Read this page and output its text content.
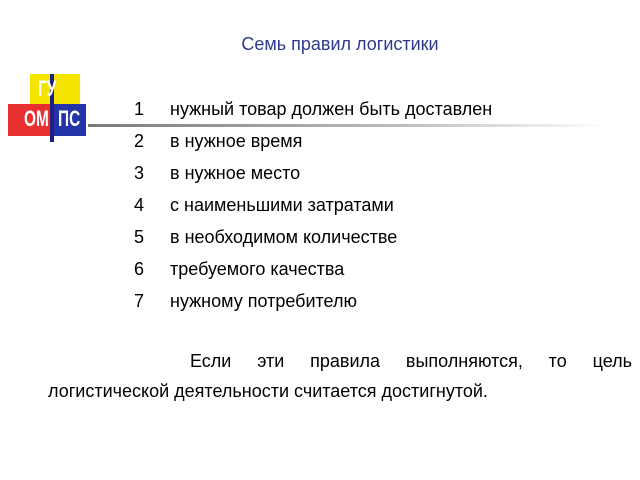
Семь правил логистики
ГУ
ОМ ПС	1	нужный товар должен быть доставлен
2	в нужное время
3	в нужное место
4	с наименьшими затратами
5	в необходимом количестве
6	требуемого качества
7	нужному потребителю
Если эти правила выполняются, то цель логистической деятельности считается достигнутой.
